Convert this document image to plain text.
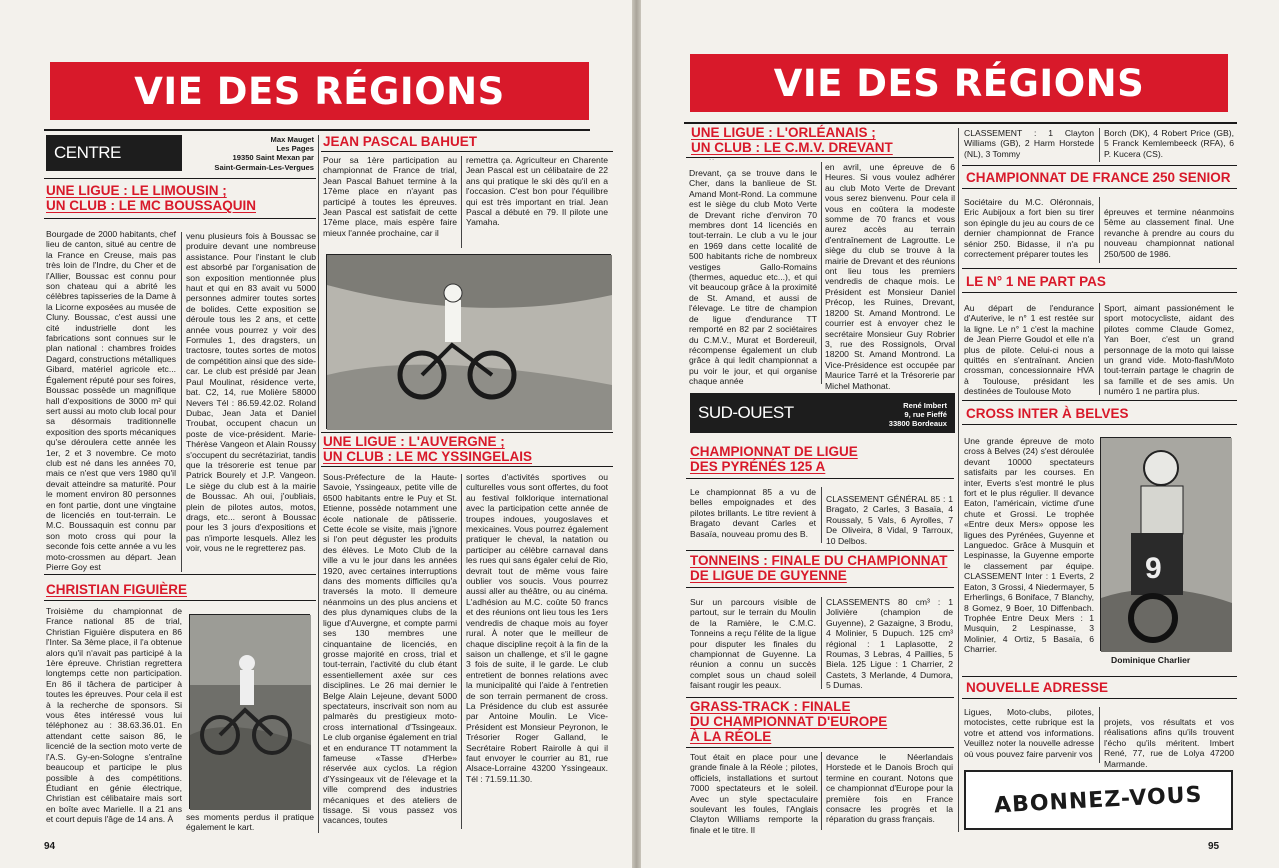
VIE DES RÉGIONS
CENTRE
Max Mauget
Les Pages
19350 Saint Mexan par
Saint-Germain-Les-Vergues
UNE LIGUE : LE LIMOUSIN ;
UN CLUB : LE MC BOUSSAQUIN
Bourgade de 2000 habitants, chef lieu de canton, situé au centre de la France en Creuse, mais pas très loin de l'Indre, du Cher et de l'Allier, Boussac est connu pour son chateau qui a abrité les célèbres tapisseries de la Dame à la Licorne exposées au musée de Cluny. Boussac, c'est aussi une cité industrielle dont les fabrications sont connues sur le plan national : chambres froides Dagard, constructions métalliques Gibard, matériel agricole etc... Également réputé pour ses foires, Boussac possède un magnifique hall d'expositions de 3000 m² qui sert aussi au moto club local pour sa désormais traditionnelle exposition des sports mécaniques qu'se déroulera cette année les 1er, 2 et 3 novembre. Ce moto club est né dans les années 70, mais ce n'est que vers 1980 qu'il devait atteindre sa maturité. Pour le moment environ 80 personnes en font partie, dont une vingtaine de licenciés en tout-terrain. Le M.C. Boussaquin est connu par son moto cross qui pour la seconde fois cette année a vu les moto-crossmen au départ. Jean Pierre Goy est
venu plusieurs fois à Boussac se produire devant une nombreuse assistance. Pour l'instant le club est absorbé par l'organisation de son exposition mentionnée plus haut et qui en 83 avait vu 5000 personnes admirer toutes sortes de bolides. Cette exposition se déroule tous les 2 ans, et cette année vous pourrez y voir des Formules 1, des dragsters, un tractosre, toutes sortes de motos de compétition ainsi que des side-car. Le club est présidé par Jean Paul Moulinat, résidence verte, bat. C2, 14, rue Molière 58000 Nevers Tél : 86.59.42.02. Roland Dubac, Jean Jata et Daniel Troubat, occupent chacun un poste de vice-président. Marie-Thérèse Vangeon et Alain Roussy s'occupent du secrétaziriat, tandis que la trésorerie est tenue par Patrick Bourely et J.P. Vangeon. Le siège du club est à la mairie de Boussac. Ah oui, j'oubliais, plein de pilotes autos, motos, drags, etc... seront à Boussac pour les 3 jours d'expositions et pas n'importe lesquels. Allez les voir, vous ne le regretterez pas.
CHRISTIAN FIGUIÈRE
Troisième du championnat de France national 85 de trial, Christian Figuière disputera en 86 l'Inter. Sa 3ème place, il l'a obtenue alors qu'il n'avait pas participé à la 1ère épreuve. Christian regrettera longtemps cette non participation. En 86 il tâchera de participer à toutes les épreuves. Pour cela il est à la recherche de sponsors. Si vous êtes intéressé vous lui téléphonez au : 38.63.36.01. En attendant cette saison 86, le licencié de la section moto verte de l'A.S. Gy-en-Sologne s'entraîne beaucoup et participe le plus possible à des compétitions. Étudiant en génie électrique, Christian est célibataire mais sort en boîte avec Marielle. Il a 21 ans et court depuis l'âge de 14 ans. À	ses moments perdus il pratique également le kart.
JEAN PASCAL BAHUET
Pour sa 1ère participation au championnat de France de trial, Jean Pascal Bahuet termine à la 17ème place en n'ayant pas participé à toutes les épreuves. Jean Pascal est satisfait de cette 17ème place, mais espère faire mieux l'année prochaine, car il
remettra ça. Agriculteur en Charente Jean Pascal est un célibataire de 22 ans qui pratique le ski dès qu'il en a l'occasion. C'est bon pour l'équilibre qui est très important en trial. Jean Pascal a débuté en 79. Il pilote une Yamaha.
UNE LIGUE : L'AUVERGNE ;
UN CLUB : LE MC YSSINGELAIS
Sous-Préfecture de la Haute-Savoie, Yssingeaux, petite ville de 6500 habitants entre le Puy et St. Etienne, possède notamment une école nationale de pâtisserie. Cette école se visite, mais j'ignore si l'on peut déguster les produits des élèves. Le Moto Club de la ville a vu le jour dans les années 1920, avec certaines interruptions dans des moments difficiles qu'a traversés la moto. Il demeure néanmoins un des plus anciens et des plus dynamiques clubs de la ligue d'Auvergne, et compte parmi ses 130 membres une cinquantaine de licenciés, en grosse majorité en cross, trial et tout-terrain, l'activité du club étant essentiellement axée sur ces disciplines. Le 26 mai dernier le Belge Alain Lejeune, devant 5000 spectateurs, inscrivait son nom au palmarès du prestigieux moto-cross international d'Tssingeaux. Le club organise également en trial et en endurance TT notamment la fameuse «Tasse d'Herbe» réservée aux cyclos. La région d'Yssingeaux vit de l'élevage et la ville comprend des industries mécaniques et des ateliers de tissage. Si vous passez vos vacances, toutes
sortes d'activités sportives ou culturelles vous sont offertes, du foot au festival folklorique international avec la participation cette année de troupes indoues, yougoslaves et mexicaines. Vous pourrez également pratiquer le cheval, la natation ou participer au célèbre carnaval dans les rues qui sans égaler celui de Rio, devrait tout de même vous faire oublier vos soucis. Vous pourrez aussi aller au théâtre, ou au cinéma. L'adhésion au M.C. coûte 50 francs et des réunions ont lieu tous les 1ers vendredis de chaque mois au foyer rural. À noter que le meilleur de chaque discipline reçoit à la fin de la saison un challenge, et s'il le gagne 3 fois de suite, il le garde. Le club entretient de bonnes relations avec la municipalité qui l'aide à l'entretien de son terrain permanent de cross. La Présidence du club est assurée par Antoine Moulin. Le Vice-Président est Monsieur Peyronon, le Trésorier Roger Galland, le Secrétaire Robert Rairolle à qui il faut envoyer le courrier au 81, rue Alsace-Lorraine 43200 Yssingeaux. Tél : 71.59.11.30.
94
VIE DES RÉGIONS
UNE LIGUE : L'ORLÉANAIS ;
UN CLUB : LE C.M.V. DREVANT
˙˙
Drevant, ça se trouve dans le Cher, dans la banlieue de St. Amand Mont-Rond. La commune est le siège du club Moto Verte de Drevant riche d'environ 70 membres dont 14 licenciés en tout-terrain. Le club a vu le jour en 1969 dans cette localité de 500 habitants riche de nombreux vestiges Gallo-Romains (thermes, aqueduc etc...), et qui vit beaucoup grâce à la proximité de St. Amand, et aussi de l'élevage. Le titre de champion de ligue d'endurance TT remporté en 82 par 2 sociétaires du C.M.V., Murat et Bordereuil, récompense également un club grâce à qui ledit championnat a pu voir le jour, et qui organise chaque année
en avril, une épreuve de 6 Heures. Si vous voulez adhérer au club Moto Verte de Drevant vous serez bienvenu. Pour cela il vous en coûtera la modeste somme de 70 francs et vous aurez accès au terrain d'entraînement de Lagroutte. Le siège du club se trouve à la mairie de Drevant et des réunions ont lieu tous les premiers vendredis de chaque mois. Le Président est Monsieur Daniel Précop, les Ruines, Drevant, 18200 St. Amand Montrond. Le courrier est à envoyer chez le secrétaire Monsieur Guy Robrier 3, rue des Rossignols, Orval 18200 St. Amand Montrond. La Vice-Présidence est occupée par Maurice Tarré et la Trésorerie par Michel Mathonat.
SUD-OUEST	René Imbert
9, rue Fieffé
33800 Bordeaux
CHAMPIONNAT DE LIGUE
DES PYRÉNÉS 125 A
Le championnat 85 a vu de belles empoignades et des pilotes brillants. Le titre revient à Bragato devant Carles et Basaïa, nouveau promu des B.
CLASSEMENT GÉNÉRAL 85 : 1 Bragato, 2 Carles, 3 Basaïa, 4 Roussaly, 5 Vals, 6 Ayrolles, 7 De Oliveira, 8 Vidal, 9 Tarroux, 10 Delbos.
TONNEINS : FINALE DU CHAMPIONNAT
DE LIGUE DE GUYENNE
Sur un parcours visible de partout, sur le terrain du Moulin de la Ramière, le C.M.C. Tonneins a reçu l'élite de la ligue pour disputer les finales du championnat de Guyenne. La réunion a connu un succès complet sous un chaud soleil faisant rougir les peaux.
CLASSEMENTS 80 cm³ : 1 Jolivière (champion de Guyenne), 2 Gazaigne, 3 Brodu, 4 Molinier, 5 Dupuch. 125 cm³ régional : 1 Laplasotte, 2 Roumas, 3 Lebras, 4 Paillies, 5 Biela. 125 Ligue : 1 Charrier, 2 Castets, 3 Merlande, 4 Dumora, 5 Dumas.
GRASS-TRACK : FINALE
DU CHAMPIONNAT D'EUROPE
À LA RÉOLE
Tout était en place pour une grande finale à la Réole ; pilotes, officiels, installations et surtout 7000 spectateurs et le soleil. Avec un style spectaculaire soulevant les foules, l'Anglais Clayton Williams remporte la finale et le titre. Il
devance le Néerlandais Horstede et le Danois Broch qui termine en courant. Notons que ce championnat d'Europe pour la première fois en France consacre les progrès et la réparation du grass français.
CLASSEMENT : 1 Clayton Williams (GB), 2 Harm Horstede (NL), 3 Tommy
Borch (DK), 4 Robert Price (GB), 5 Franck Kemlembeeck (RFA), 6 P. Kucera (CS).
CHAMPIONNAT DE FRANCE 250 SENIOR
Sociétaire du M.C. Oléronnais, Eric Aubijoux a fort bien su tirer son épingle du jeu au cours de ce dernier championnat de France sénior 250. Bidasse, il n'a pu correctement préparer toutes les
épreuves et termine néanmoins 5ème au classement final. Une revanche à prendre au cours du nouveau championnat national 250/500 de 1986.
LE N° 1 NE PART PAS
Au départ de l'endurance d'Auterive, le n° 1 est restée sur la ligne. Le n° 1 c'est la machine de Jean Pierre Goudol et elle n'a plus de pilote. Celui-ci nous a quittés en s'entraînant. Ancien crossman, concessionnaire HVA à Toulouse, présidant les destinées de Toulouse Moto
Sport, aimant passionément le sport motocycliste, aidant des pilotes comme Claude Gomez, Yan Boer, c'est un grand personnage de la moto qui laisse un grand vide. Moto-flash/Moto tout-terrain partage le chagrin de sa famille et de ses amis. Un numéro 1 ne partira plus.
CROSS INTER À BELVES
Une grande épreuve de moto cross à Belves (24) s'est déroulée devant 10000 spectateurs satisfaits par les courses. En inter, Everts s'est montré le plus fort et le plus régulier. Il devance Eaton, l'américain, victime d'une chute et Grossi. Le trophée «Entre deux Mers» oppose les ligues des Pyrénées, Guyenne et Languedoc. Grâce à Musquin et Lespinasse, la Guyenne emporte le classement par équipe. CLASSEMENT Inter : 1 Everts, 2 Eaton, 3 Grossi, 4 Niedermayer, 5 Erherlings, 6 Boniface, 7 Blanchy, 8 Gomez, 9 Boer, 10 Diffenbach. Trophée Entre Deux Mers : 1 Musquin, 2 Lespinasse, 3 Molinier, 4 Ortiz, 5 Basaïa, 6 Charrier.
9
Dominique Charlier
NOUVELLE ADRESSE
Ligues, Moto-clubs, pilotes, motocistes, cette rubrique est la votre et attend vos informations. Veuillez noter la nouvelle adresse où vous pouvez faire parvenir vos
projets, vos résultats et vos réalisations afins qu'ils trouvent l'écho qu'ils méritent. Imbert René, 77, rue de Lolya 47200 Marmande.
ABONNEZ-VOUS
95
